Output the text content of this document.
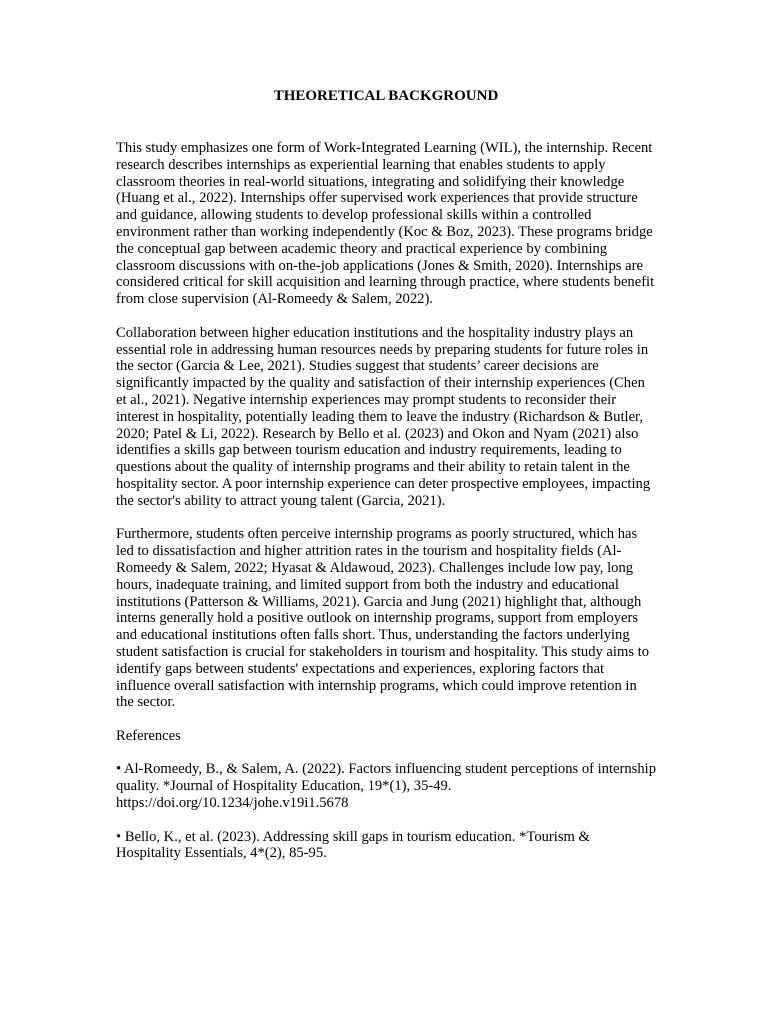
THEORETICAL BACKGROUND

This study emphasizes one form of Work-Integrated Learning (WIL), the internship. Recent research describes internships as experiential learning that enables students to apply classroom theories in real-world situations, integrating and solidifying their knowledge (Huang et al., 2022). Internships offer supervised work experiences that provide structure and guidance, allowing students to develop professional skills within a controlled environment rather than working independently (Koc & Boz, 2023). These programs bridge the conceptual gap between academic theory and practical experience by combining classroom discussions with on-the-job applications (Jones & Smith, 2020). Internships are considered critical for skill acquisition and learning through practice, where students benefit from close supervision (Al-Romeedy & Salem, 2022).

Collaboration between higher education institutions and the hospitality industry plays an essential role in addressing human resources needs by preparing students for future roles in the sector (Garcia & Lee, 2021). Studies suggest that students’ career decisions are significantly impacted by the quality and satisfaction of their internship experiences (Chen et al., 2021). Negative internship experiences may prompt students to reconsider their interest in hospitality, potentially leading them to leave the industry (Richardson & Butler, 2020; Patel & Li, 2022). Research by Bello et al. (2023) and Okon and Nyam (2021) also identifies a skills gap between tourism education and industry requirements, leading to questions about the quality of internship programs and their ability to retain talent in the hospitality sector. A poor internship experience can deter prospective employees, impacting the sector's ability to attract young talent (Garcia, 2021).

Furthermore, students often perceive internship programs as poorly structured, which has led to dissatisfaction and higher attrition rates in the tourism and hospitality fields (Al-Romeedy & Salem, 2022; Hyasat & Aldawoud, 2023). Challenges include low pay, long hours, inadequate training, and limited support from both the industry and educational institutions (Patterson & Williams, 2021). Garcia and Jung (2021) highlight that, although interns generally hold a positive outlook on internship programs, support from employers and educational institutions often falls short. Thus, understanding the factors underlying student satisfaction is crucial for stakeholders in tourism and hospitality. This study aims to identify gaps between students' expectations and experiences, exploring factors that influence overall satisfaction with internship programs, which could improve retention in the sector.

References

• Al-Romeedy, B., & Salem, A. (2022). Factors influencing student perceptions of internship quality. *Journal of Hospitality Education, 19*(1), 35-49. https://doi.org/10.1234/johe.v19i1.5678

• Bello, K., et al. (2023). Addressing skill gaps in tourism education. *Tourism & Hospitality Essentials, 4*(2), 85-95.
